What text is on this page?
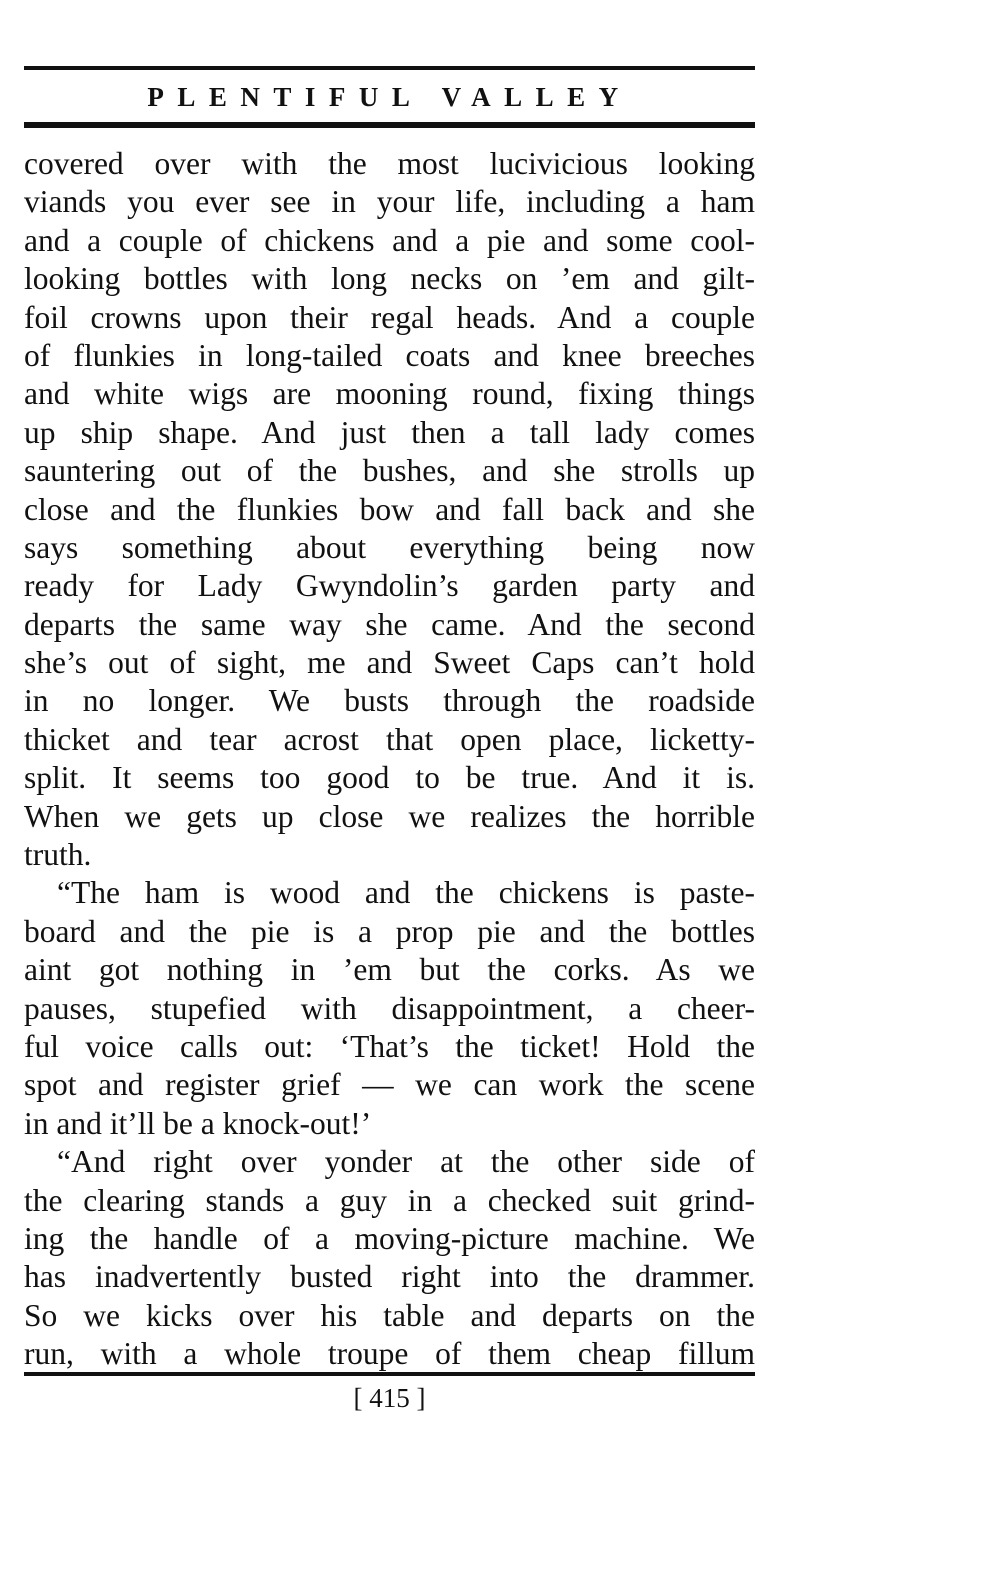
PLENTIFUL VALLEY
covered over with the most lucivicious looking
viands you ever see in your life, including a ham
and a couple of chickens and a pie and some cool-
looking bottles with long necks on ’em and gilt-
foil crowns upon their regal heads. And a couple
of flunkies in long-tailed coats and knee breeches
and white wigs are mooning round, fixing things
up ship shape. And just then a tall lady comes
sauntering out of the bushes, and she strolls up
close and the flunkies bow and fall back and she
says something about everything being now
ready for Lady Gwyndolin’s garden party and
departs the same way she came. And the second
she’s out of sight, me and Sweet Caps can’t hold
in no longer. We busts through the roadside
thicket and tear acrost that open place, licketty-
split. It seems too good to be true. And it is.
When we gets up close we realizes the horrible
truth.
“The ham is wood and the chickens is paste-
board and the pie is a prop pie and the bottles
aint got nothing in ’em but the corks. As we
pauses, stupefied with disappointment, a cheer-
ful voice calls out: ‘That’s the ticket! Hold the
spot and register grief — we can work the scene
in and it’ll be a knock-out!’
“And right over yonder at the other side of
the clearing stands a guy in a checked suit grind-
ing the handle of a moving-picture machine. We
has inadvertently busted right into the drammer.
So we kicks over his table and departs on the
run, with a whole troupe of them cheap fillum
[ 415 ]
